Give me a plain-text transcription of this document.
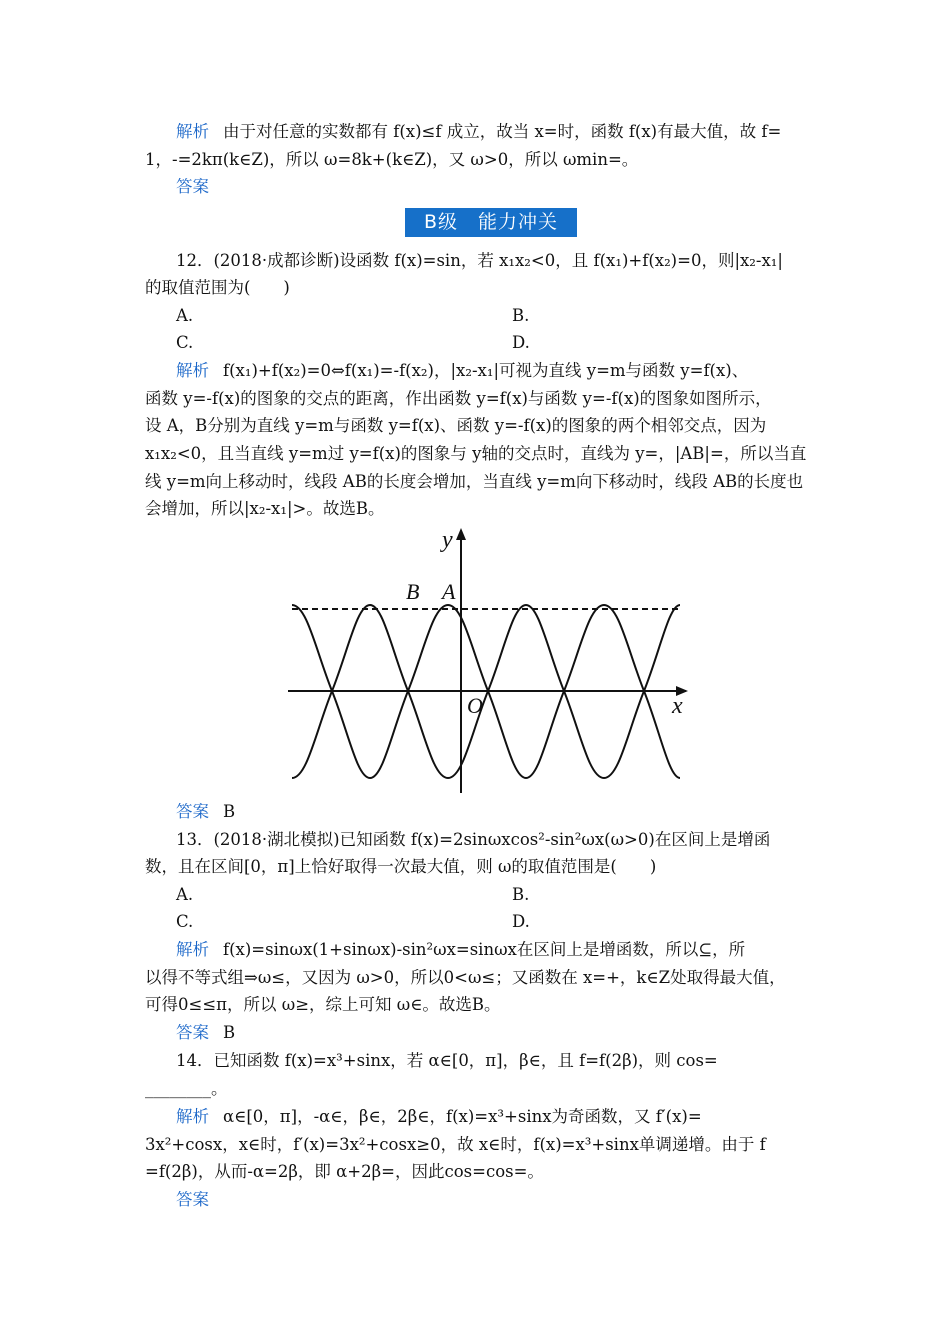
解析 由于对任意的实数都有 f(x)≤f 成立，故当 x=时，函数 f(x)有最大值，故 f=
1，-=2kπ(k∈Z)，所以 ω=8k+(k∈Z)，又 ω>0，所以 ωmin=。
答案
B级　能力冲关
12．(2018·成都诊断)设函数 f(x)=sin，若 x₁x₂<0，且 f(x₁)+f(x₂)=0，则|x₂-x₁|
的取值范围为(　　)
A.	B.
C.	D.
解析 f(x₁)+f(x₂)=0⇔f(x₁)=-f(x₂)，|x₂-x₁|可视为直线 y=m与函数 y=f(x)、
函数 y=-f(x)的图象的交点的距离，作出函数 y=f(x)与函数 y=-f(x)的图象如图所示，
设 A，B分别为直线 y=m与函数 y=f(x)、函数 y=-f(x)的图象的两个相邻交点，因为
x₁x₂<0，且当直线 y=m过 y=f(x)的图象与 y轴的交点时，直线为 y=，|AB|=，所以当直
线 y=m向上移动时，线段 AB的长度会增加，当直线 y=m向下移动时，线段 AB的长度也
会增加，所以|x₂-x₁|>。故选B。
y
x
O
A
B
答案 B
13．(2018·湖北模拟)已知函数 f(x)=2sinωxcos²-sin²ωx(ω>0)在区间上是增函
数，且在区间[0，π]上恰好取得一次最大值，则 ω的取值范围是(　　)
A.	B.
C.	D.
解析 f(x)=sinωx(1+sinωx)-sin²ωx=sinωx在区间上是增函数，所以⊆，所
以得不等式组⇒ω≤，又因为 ω>0，所以0<ω≤；又函数在 x=+，k∈Z处取得最大值，
可得0≤≤π，所以 ω≥，综上可知 ω∈。故选B。
答案 B
14．已知函数 f(x)=x³+sinx，若 α∈[0，π]，β∈，且 f=f(2β)，则 cos=
________。
解析 α∈[0，π]，-α∈，β∈，2β∈，f(x)=x³+sinx为奇函数，又 f′(x)=
3x²+cosx，x∈时，f′(x)=3x²+cosx≥0，故 x∈时，f(x)=x³+sinx单调递增。由于 f
=f(2β)，从而-α=2β，即 α+2β=，因此cos=cos=。
答案
